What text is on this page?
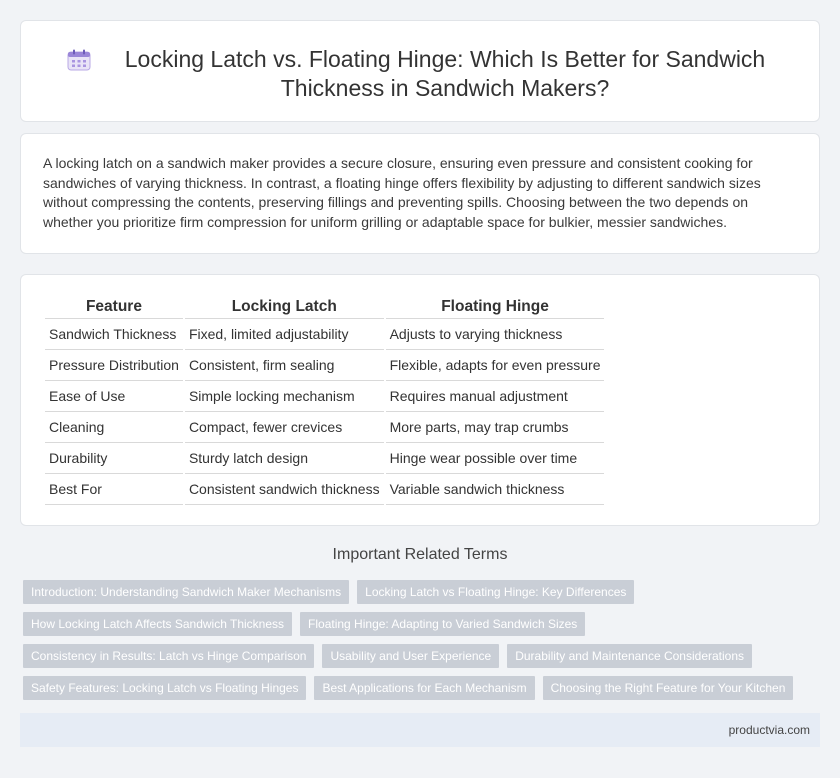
Locking Latch vs. Floating Hinge: Which Is Better for Sandwich Thickness in Sandwich Makers?

A locking latch on a sandwich maker provides a secure closure, ensuring even pressure and consistent cooking for sandwiches of varying thickness. In contrast, a floating hinge offers flexibility by adjusting to different sandwich sizes without compressing the contents, preserving fillings and preventing spills. Choosing between the two depends on whether you prioritize firm compression for uniform grilling or adaptable space for bulkier, messier sandwiches.

Feature	Locking Latch	Floating Hinge
Sandwich Thickness	Fixed, limited adjustability	Adjusts to varying thickness
Pressure Distribution	Consistent, firm sealing	Flexible, adapts for even pressure
Ease of Use	Simple locking mechanism	Requires manual adjustment
Cleaning	Compact, fewer crevices	More parts, may trap crumbs
Durability	Sturdy latch design	Hinge wear possible over time
Best For	Consistent sandwich thickness	Variable sandwich thickness
Important Related Terms
Introduction: Understanding Sandwich Maker Mechanisms	Locking Latch vs Floating Hinge: Key Differences
How Locking Latch Affects Sandwich Thickness	Floating Hinge: Adapting to Varied Sandwich Sizes
Consistency in Results: Latch vs Hinge Comparison	Usability and User Experience	Durability and Maintenance Considerations
Safety Features: Locking Latch vs Floating Hinges	Best Applications for Each Mechanism	Choosing the Right Feature for Your Kitchen
productvia.com
